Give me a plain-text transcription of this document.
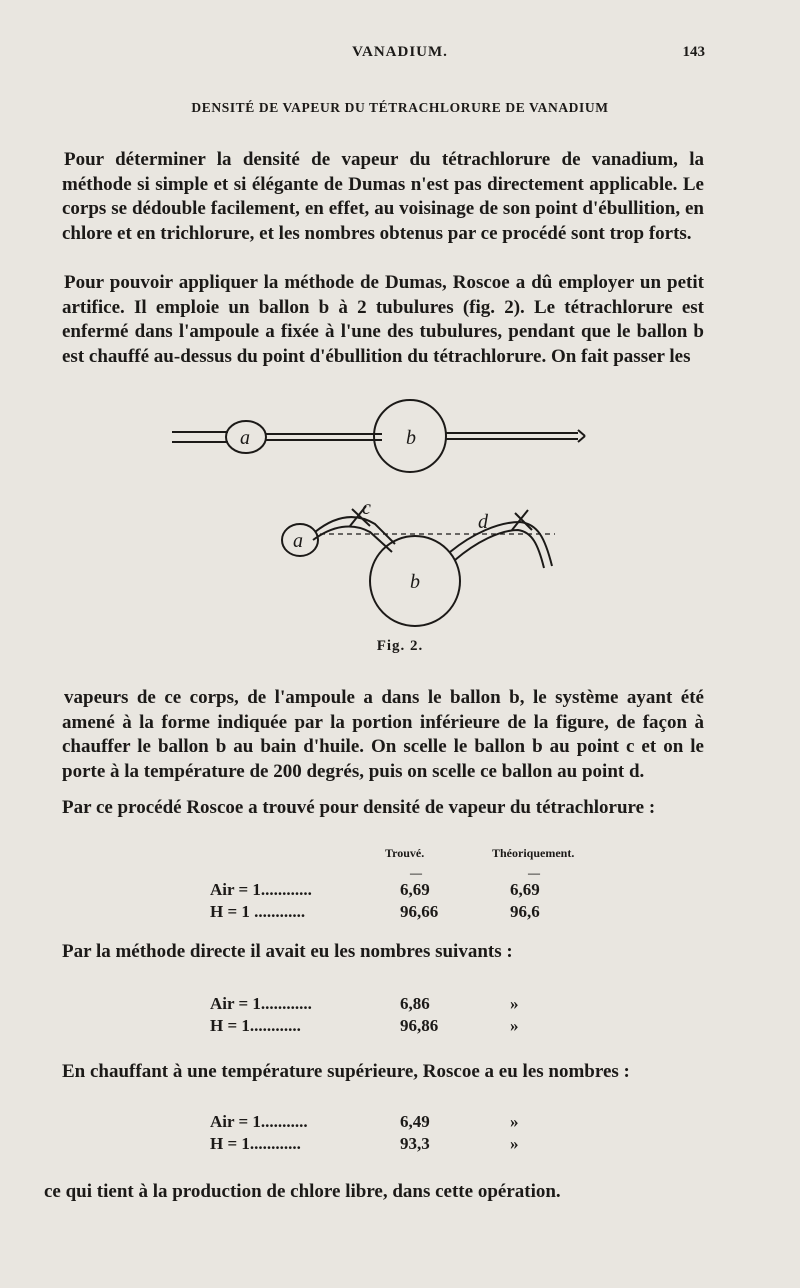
VANADIUM.	143
DENSITÉ DE VAPEUR DU TÉTRACHLORURE DE VANADIUM

Pour déterminer la densité de vapeur du tétrachlorure de vanadium, la méthode si simple et si élégante de Dumas n'est pas directement applicable. Le corps se dédouble facilement, en effet, au voisinage de son point d'ébullition, en chlore et en trichlorure, et les nombres obtenus par ce procédé sont trop forts.

Pour pouvoir appliquer la méthode de Dumas, Roscoe a dû employer un petit artifice. Il emploie un ballon b à 2 tubulures (fig. 2). Le tétrachlorure est enfermé dans l'ampoule a fixée à l'une des tubulures, pendant que le ballon b est chauffé au-dessus du point d'ébullition du tétrachlorure. On fait passer les

a	b
a
b
c
d
Fig. 2.

vapeurs de ce corps, de l'ampoule a dans le ballon b, le système ayant été amené à la forme indiquée par la portion inférieure de la figure, de façon à chauffer le ballon b au bain d'huile. On scelle le ballon b au point c et on le porte à la température de 200 degrés, puis on scelle ce ballon au point d.

Par ce procédé Roscoe a trouvé pour densité de vapeur du tétrachlorure :

Trouvé.	Théoriquement.
—	—
Air = 1............	6,69	6,69
H = 1 ............	96,66	96,6

Par la méthode directe il avait eu les nombres suivants :

Air = 1............	6,86	»
H = 1............	96,86	»

En chauffant à une température supérieure, Roscoe a eu les nombres :

Air = 1...........	6,49	»
H = 1............	93,3	»

ce qui tient à la production de chlore libre, dans cette opération.
